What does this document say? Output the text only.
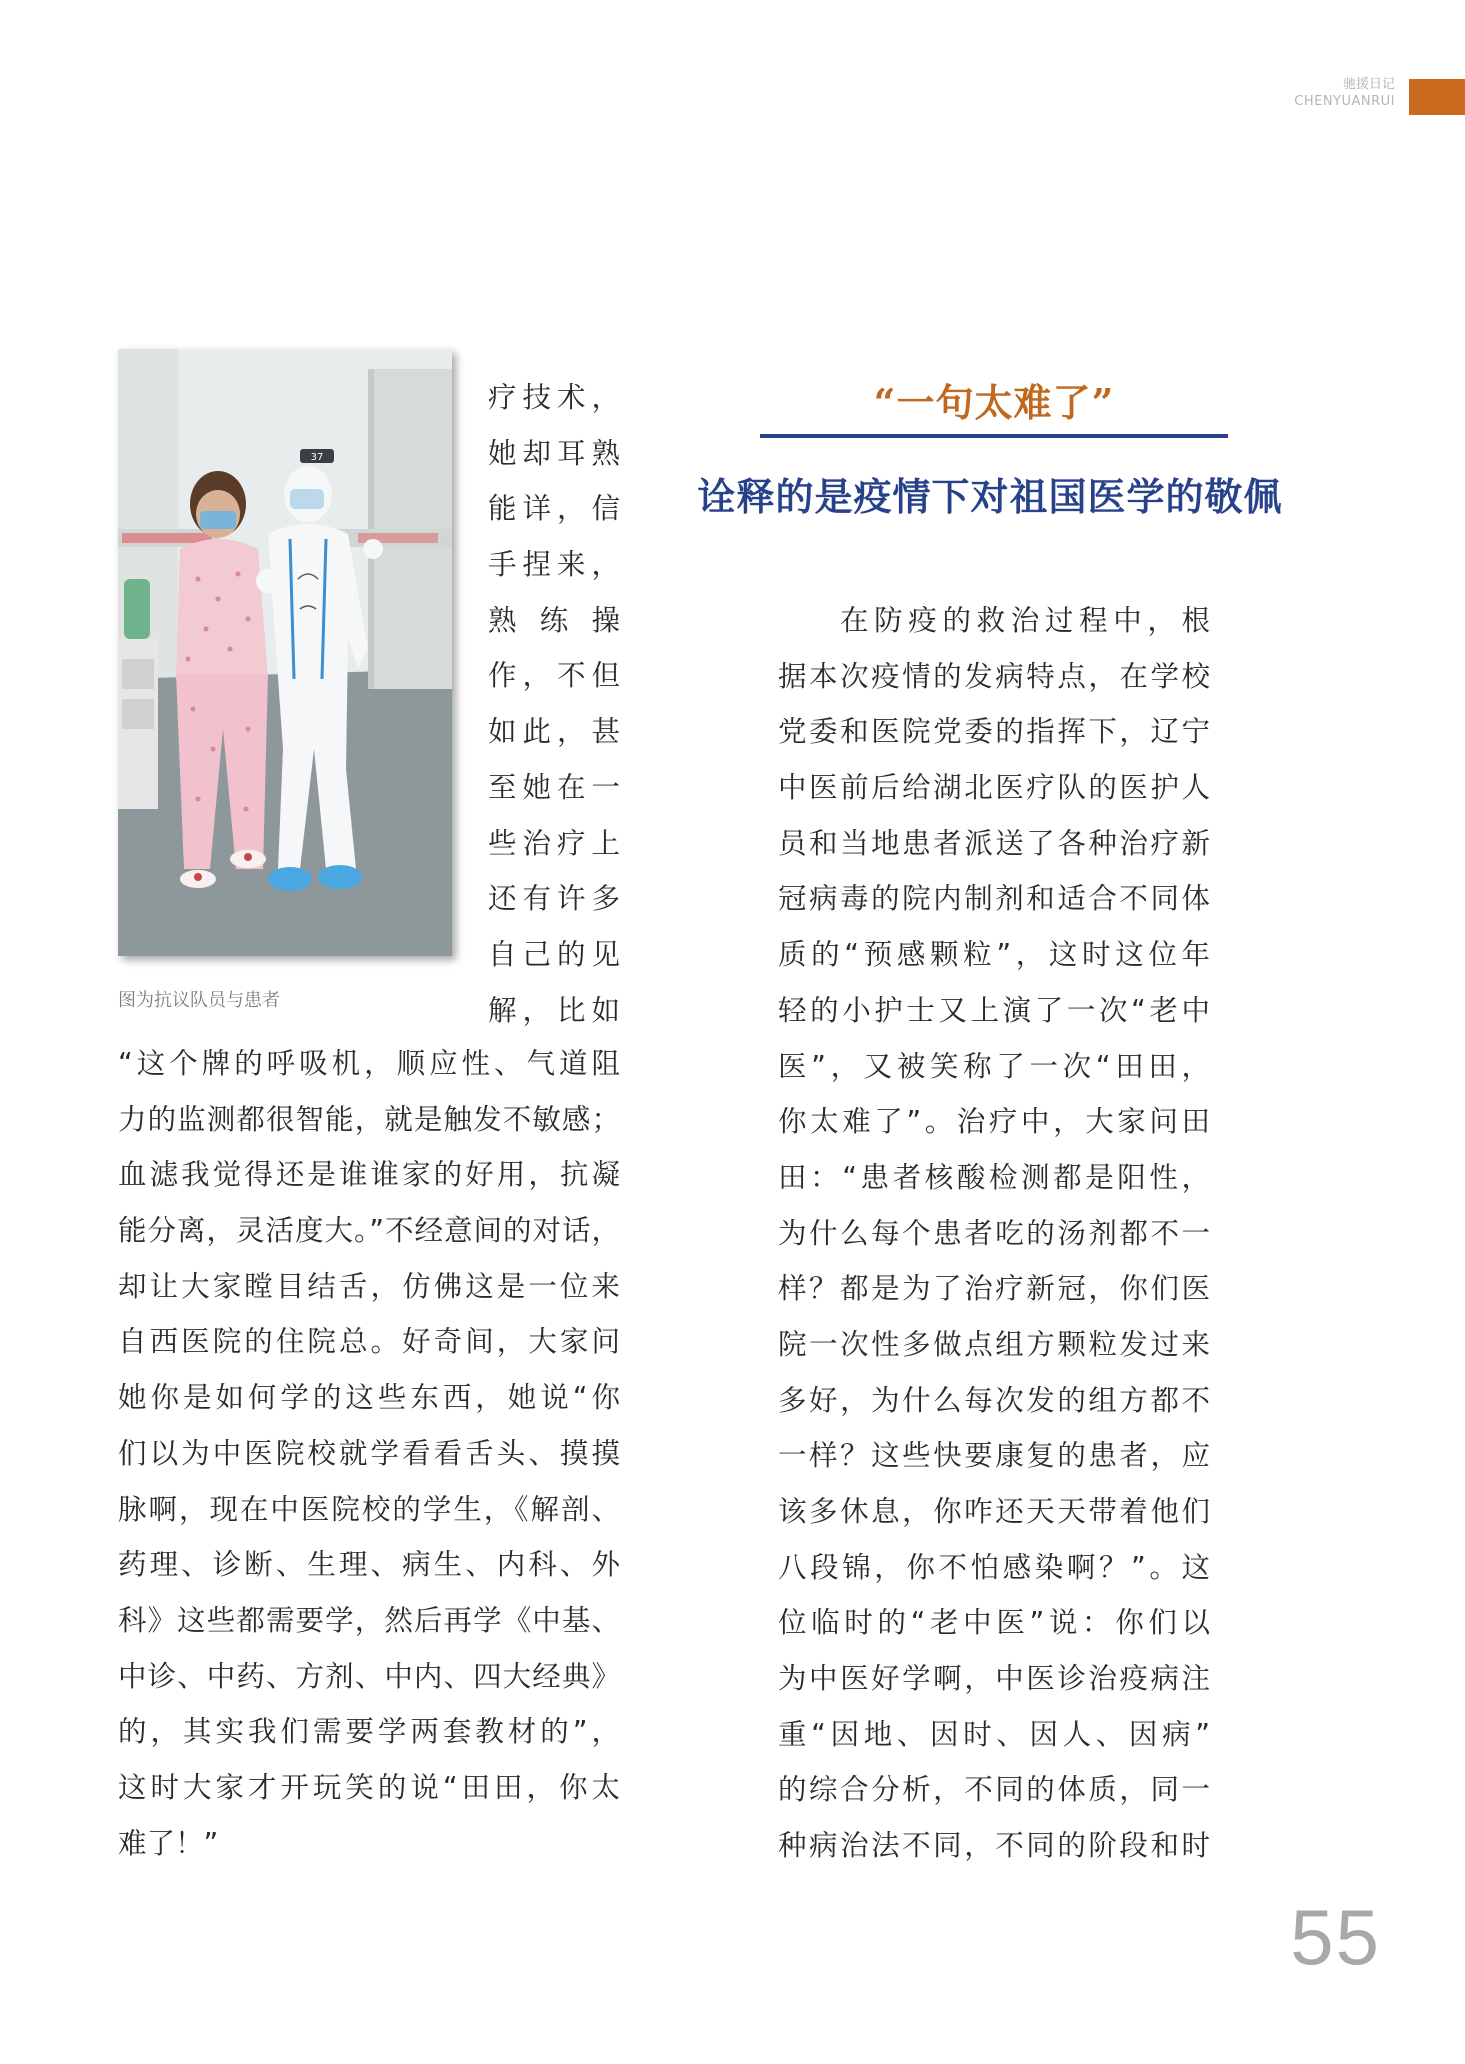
驰援日记
CHENYUANRUI
37
图为抗议队员与患者
疗技术，
她却耳熟
能详，信
手捏来，
熟 练 操
作，不但
如此，甚
至她在一
些治疗上
还有许多
自己的见
解，比如
“这个牌的呼吸机，顺应性、气道阻
力的监测都很智能，就是触发不敏感；
血滤我觉得还是谁谁家的好用，抗凝
能分离，灵活度大。”不经意间的对话，
却让大家瞠目结舌，仿佛这是一位来
自西医院的住院总。好奇间，大家问
她你是如何学的这些东西，她说“你
们以为中医院校就学看看舌头、摸摸
脉啊，现在中医院校的学生，《解剖、
药理、诊断、生理、病生、内科、外
科》这些都需要学，然后再学《中基、
中诊、中药、方剂、中内、四大经典》
的，其实我们需要学两套教材的”，
这时大家才开玩笑的说“田田，你太
难了！”
“一句太难了”
诠释的是疫情下对祖国医学的敬佩
在防疫的救治过程中，根
据本次疫情的发病特点，在学校
党委和医院党委的指挥下，辽宁
中医前后给湖北医疗队的医护人
员和当地患者派送了各种治疗新
冠病毒的院内制剂和适合不同体
质的“预感颗粒”，这时这位年
轻的小护士又上演了一次“老中
医”，又被笑称了一次“田田，
你太难了”。治疗中，大家问田
田：“患者核酸检测都是阳性，
为什么每个患者吃的汤剂都不一
样？都是为了治疗新冠，你们医
院一次性多做点组方颗粒发过来
多好，为什么每次发的组方都不
一样？这些快要康复的患者，应
该多休息，你咋还天天带着他们
八段锦，你不怕感染啊？”。这
位临时的“老中医”说：你们以
为中医好学啊，中医诊治疫病注
重“因地、因时、因人、因病”
的综合分析，不同的体质，同一
种病治法不同，不同的阶段和时
55
